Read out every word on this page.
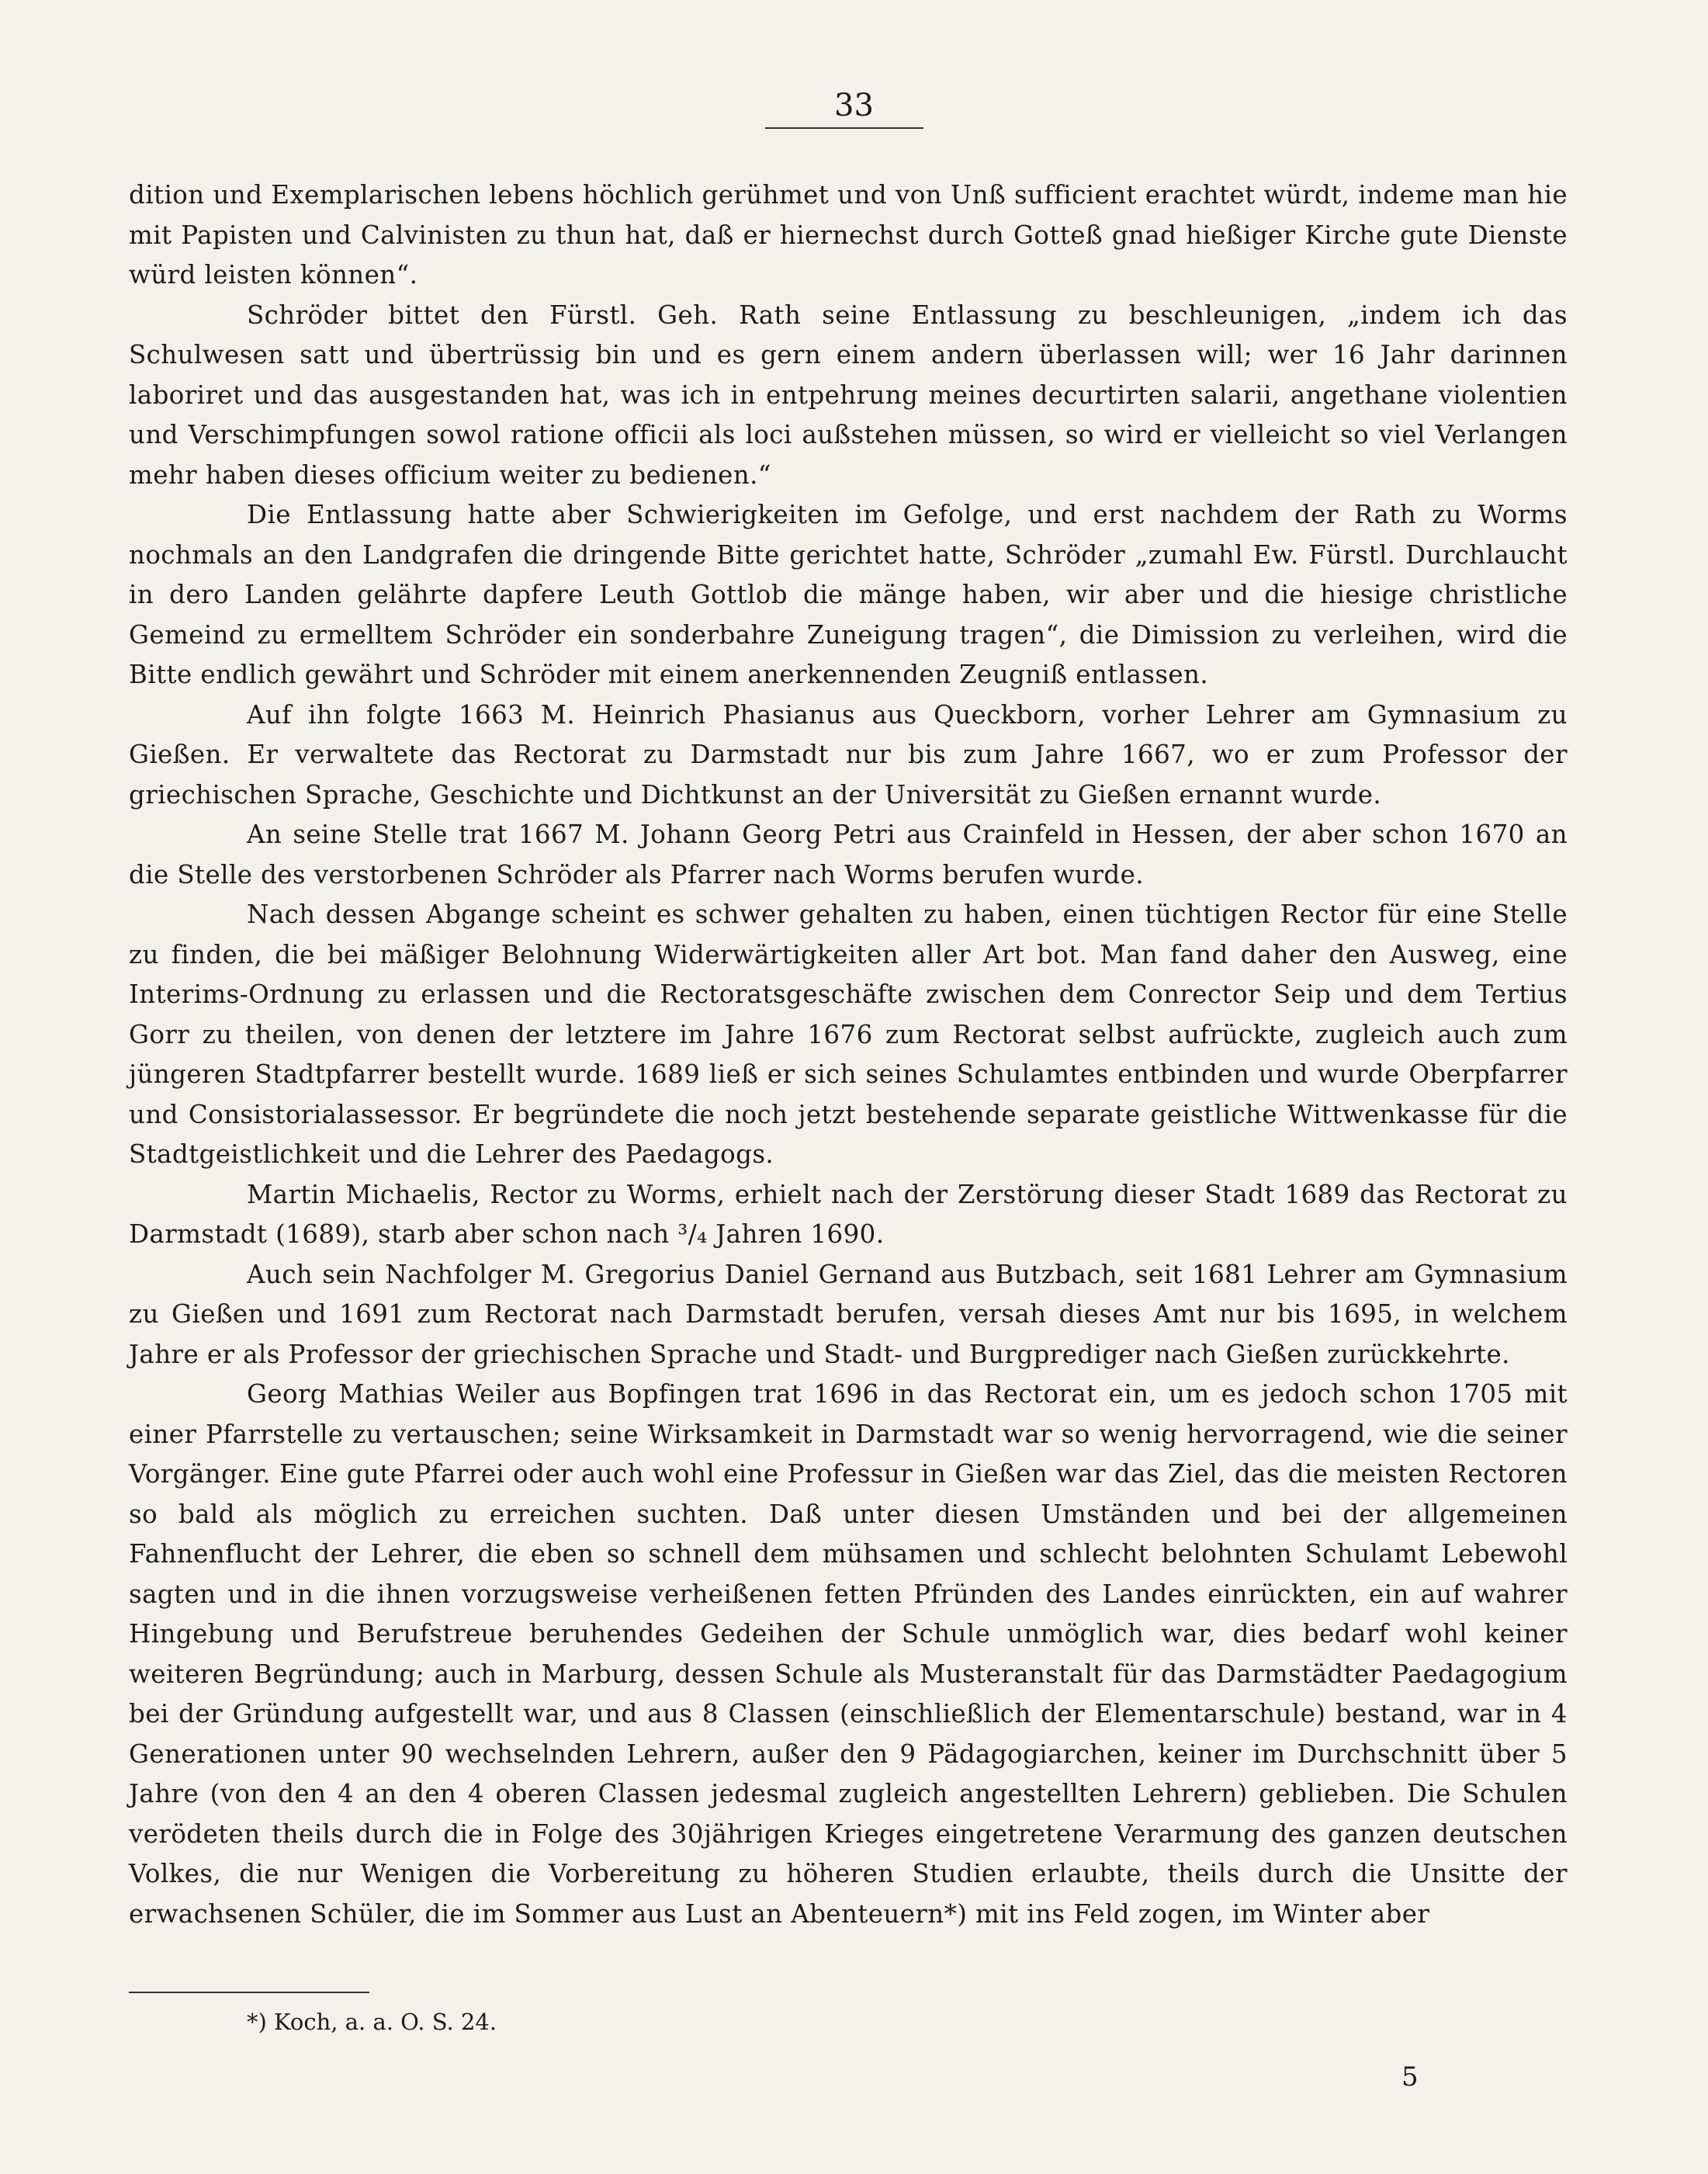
33

dition und Exemplarischen lebens höchlich gerühmet und von Unß sufficient erachtet würdt, indeme man hie mit Papisten und Calvinisten zu thun hat, daß er hiernechst durch Gotteß gnad hießiger Kirche gute Dienste würd leisten können“.

Schröder bittet den Fürstl. Geh. Rath seine Entlassung zu beschleunigen, „indem ich das Schulwesen satt und übertrüssig bin und es gern einem andern überlassen will; wer 16 Jahr darinnen laboriret und das ausgestanden hat, was ich in entpehrung meines decurtirten salarii, angethane violentien und Verschimpfungen sowol ratione officii als loci außstehen müssen, so wird er vielleicht so viel Verlangen mehr haben dieses officium weiter zu bedienen.“

Die Entlassung hatte aber Schwierigkeiten im Gefolge, und erst nachdem der Rath zu Worms nochmals an den Landgrafen die dringende Bitte gerichtet hatte, Schröder „zumahl Ew. Fürstl. Durchlaucht in dero Landen gelährte dapfere Leuth Gottlob die mänge haben, wir aber und die hiesige christliche Gemeind zu ermelltem Schröder ein sonderbahre Zuneigung tragen“, die Dimission zu verleihen, wird die Bitte endlich gewährt und Schröder mit einem anerkennenden Zeugniß entlassen.

Auf ihn folgte 1663 M. Heinrich Phasianus aus Queckborn, vorher Lehrer am Gymnasium zu Gießen. Er verwaltete das Rectorat zu Darmstadt nur bis zum Jahre 1667, wo er zum Professor der griechischen Sprache, Geschichte und Dichtkunst an der Universität zu Gießen ernannt wurde.

An seine Stelle trat 1667 M. Johann Georg Petri aus Crainfeld in Hessen, der aber schon 1670 an die Stelle des verstorbenen Schröder als Pfarrer nach Worms berufen wurde.

Nach dessen Abgange scheint es schwer gehalten zu haben, einen tüchtigen Rector für eine Stelle zu finden, die bei mäßiger Belohnung Widerwärtigkeiten aller Art bot. Man fand daher den Ausweg, eine Interims-Ordnung zu erlassen und die Rectoratsgeschäfte zwischen dem Conrector Seip und dem Tertius Gorr zu theilen, von denen der letztere im Jahre 1676 zum Rectorat selbst aufrückte, zugleich auch zum jüngeren Stadtpfarrer bestellt wurde. 1689 ließ er sich seines Schulamtes entbinden und wurde Oberpfarrer und Consistorialassessor. Er begründete die noch jetzt bestehende separate geistliche Wittwenkasse für die Stadtgeistlichkeit und die Lehrer des Paedagogs.

Martin Michaelis, Rector zu Worms, erhielt nach der Zerstörung dieser Stadt 1689 das Rectorat zu Darmstadt (1689), starb aber schon nach ³/₄ Jahren 1690.

Auch sein Nachfolger M. Gregorius Daniel Gernand aus Butzbach, seit 1681 Lehrer am Gymnasium zu Gießen und 1691 zum Rectorat nach Darmstadt berufen, versah dieses Amt nur bis 1695, in welchem Jahre er als Professor der griechischen Sprache und Stadt- und Burgprediger nach Gießen zurückkehrte.

Georg Mathias Weiler aus Bopfingen trat 1696 in das Rectorat ein, um es jedoch schon 1705 mit einer Pfarrstelle zu vertauschen; seine Wirksamkeit in Darmstadt war so wenig hervorragend, wie die seiner Vorgänger. Eine gute Pfarrei oder auch wohl eine Professur in Gießen war das Ziel, das die meisten Rectoren so bald als möglich zu erreichen suchten. Daß unter diesen Umständen und bei der allgemeinen Fahnenflucht der Lehrer, die eben so schnell dem mühsamen und schlecht belohnten Schulamt Lebewohl sagten und in die ihnen vorzugsweise verheißenen fetten Pfründen des Landes einrückten, ein auf wahrer Hingebung und Berufstreue beruhendes Gedeihen der Schule unmöglich war, dies bedarf wohl keiner weiteren Begründung; auch in Marburg, dessen Schule als Musteranstalt für das Darmstädter Paedagogium bei der Gründung aufgestellt war, und aus 8 Classen (einschließlich der Elementarschule) bestand, war in 4 Generationen unter 90 wechselnden Lehrern, außer den 9 Pädagogiarchen, keiner im Durchschnitt über 5 Jahre (von den 4 an den 4 oberen Classen jedesmal zugleich angestellten Lehrern) geblieben. Die Schulen verödeten theils durch die in Folge des 30jährigen Krieges eingetretene Verarmung des ganzen deutschen Volkes, die nur Wenigen die Vorbereitung zu höheren Studien erlaubte, theils durch die Unsitte der erwachsenen Schüler, die im Sommer aus Lust an Abenteuern*) mit ins Feld zogen, im Winter aber

*) Koch, a. a. O. S. 24.
5
